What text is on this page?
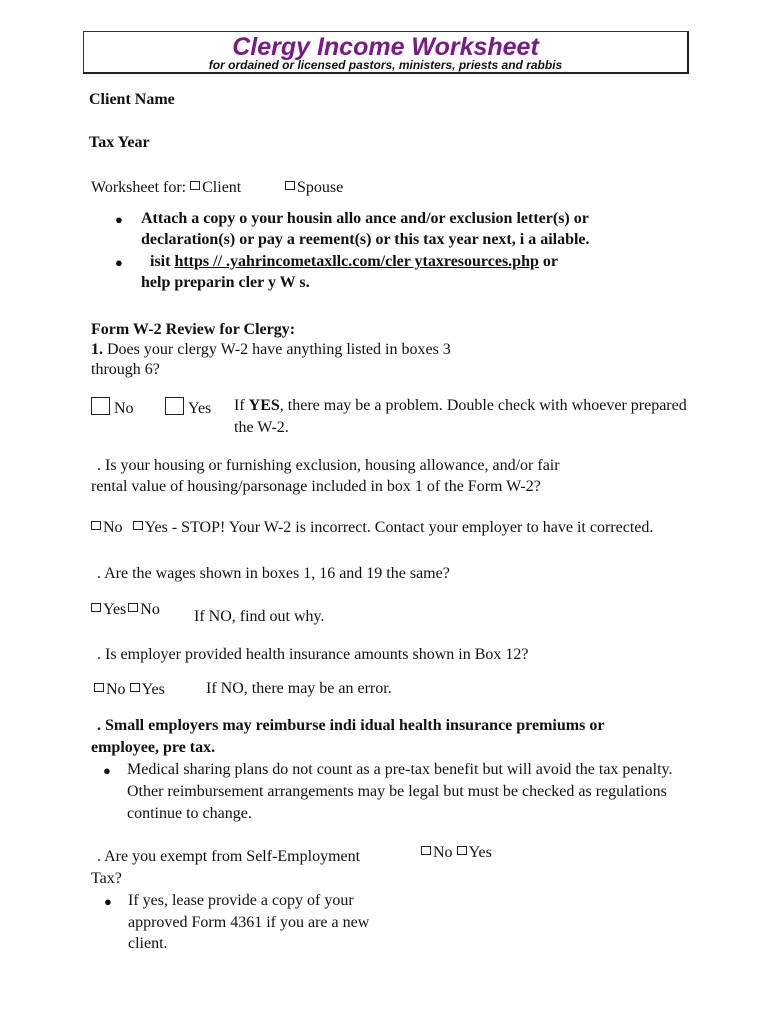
Clergy Income Worksheet
for ordained or licensed pastors, ministers, priests and rabbis
Client Name
Tax Year
Worksheet for: Client	Spouse
● Attach a copy o your housin allo ance and/or exclusion letter(s) or
declaration(s) or pay a reement(s) or this tax year next, i a ailable.
● isit https // .yahrincometaxllc.com/cler ytaxresources.php or
help preparin cler y W s.
Form W-2 Review for Clergy:
1. Does your clergy W-2 have anything listed in boxes 3
through 6?
No	Yes If YES, there may be a problem. Double check with whoever prepared
the W-2.
. Is your housing or furnishing exclusion, housing allowance, and/or fair
rental value of housing/parsonage included in box 1 of the Form W-2?
No Yes - STOP! Your W-2 is incorrect. Contact your employer to have it corrected.
. Are the wages shown in boxes 1, 16 and 19 the same?
Yes No If NO, find out why.
. Is employer provided health insurance amounts shown in Box 12?
No Yes	If NO, there may be an error.
. Small employers may reimburse indi idual health insurance premiums or
employee, pre tax.
● Medical sharing plans do not count as a pre-tax benefit but will avoid the tax penalty.
Other reimbursement arrangements may be legal but must be checked as regulations
continue to change.
. Are you exempt from Self-Employment
Tax?
No Yes
● If yes, lease provide a copy of your
approved Form 4361 if you are a new
client.
